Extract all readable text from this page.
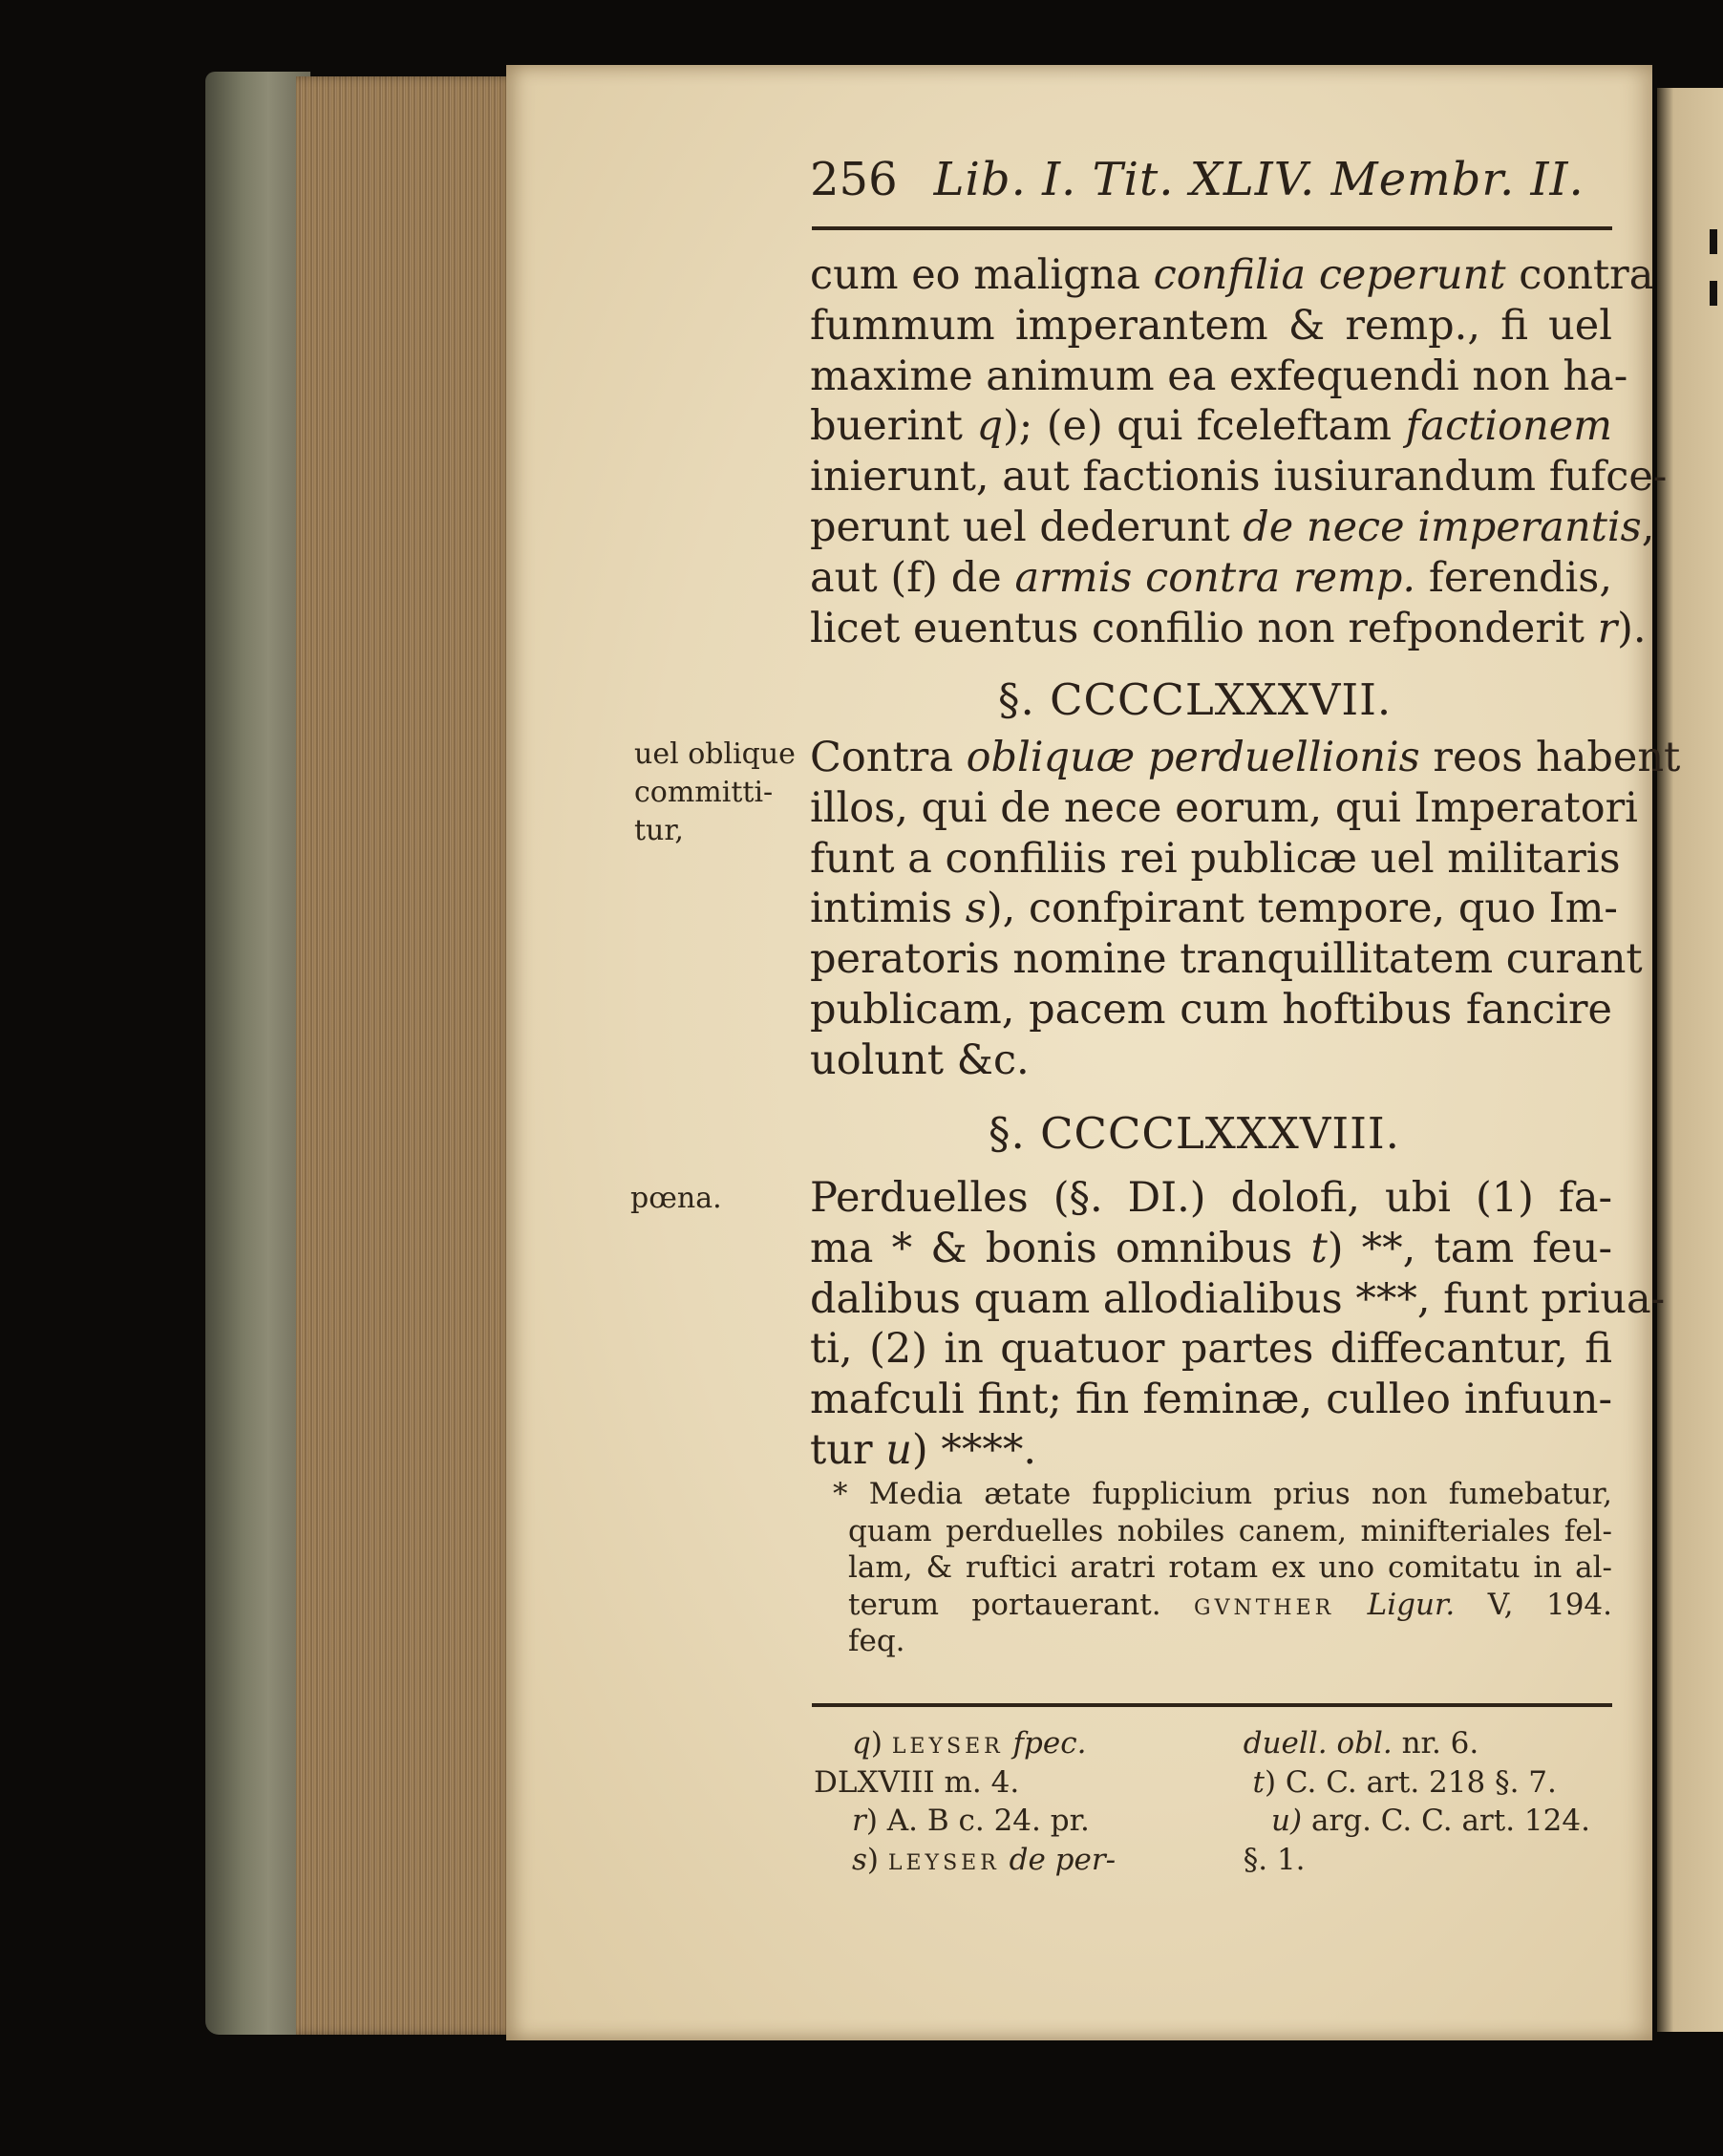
256 Lib. I. Tit. XLIV. Membr. II.
cum eo maligna confilia ceperunt contra
fummum imperantem & remp., fi uel
maxime animum ea exfequendi non ha-
buerint q); (e) qui fceleftam factionem
inierunt, aut factionis iusiurandum fufce-
perunt uel dederunt de nece imperantis,
aut (f) de armis contra remp. ferendis,
licet euentus confilio non refponderit r).
§. CCCCLXXXVII.
uel oblique
committi-
tur,
Contra obliquæ perduellionis reos habent
illos, qui de nece eorum, qui Imperatori
funt a confiliis rei publicæ uel militaris
intimis s), confpirant tempore, quo Im-
peratoris nomine tranquillitatem curant
publicam, pacem cum hoftibus fancire
uolunt &c.
§. CCCCLXXXVIII.
pœna. Perduelles (§. DI.) dolofi, ubi (1) fa-
ma * & bonis omnibus t) **, tam feu-
dalibus quam allodialibus ***, funt priua-
ti, (2) in quatuor partes diffecantur, fi
mafculi fint; fin feminæ, culleo infuun-
tur u) ****.
* Media ætate fupplicium prius non fumebatur,
quam perduelles nobiles canem, minifteriales fel-
lam, & ruftici aratri rotam ex uno comitatu in al-
terum portauerant. gvnther Ligur. V, 194.
feq.
q) leyser fpec.	duell. obl. nr. 6.
DLXVIII m. 4.	t) C. C. art. 218 §. 7.
r) A. B c. 24. pr.	u) arg. C. C. art. 124.
s) leyser de per-	§. 1.
